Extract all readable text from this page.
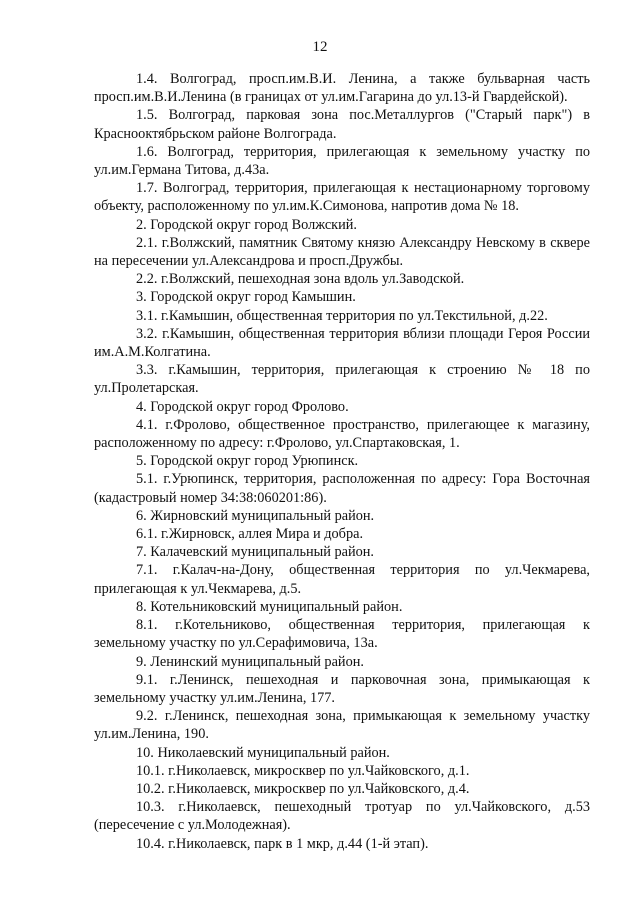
12

1.4. Волгоград, просп.им.В.И. Ленина, а также бульварная часть просп.им.В.И.Ленина (в границах от ул.им.Гагарина до ул.13-й Гвардейской).

1.5. Волгоград, парковая зона пос.Металлургов ("Старый парк") в Краснооктябрьском районе Волгограда.

1.6. Волгоград, территория, прилегающая к земельному участку по ул.им.Германа Титова, д.43а.

1.7. Волгоград, территория, прилегающая к нестационарному торговому объекту, расположенному по ул.им.К.Симонова, напротив дома № 18.

2. Городской округ город Волжский.

2.1. г.Волжский, памятник Святому князю Александру Невскому в сквере на пересечении ул.Александрова и просп.Дружбы.

2.2. г.Волжский, пешеходная зона вдоль ул.Заводской.

3. Городской округ город Камышин.

3.1. г.Камышин, общественная территория по ул.Текстильной, д.22.

3.2. г.Камышин, общественная территория вблизи площади Героя России им.А.М.Колгатина.

3.3. г.Камышин, территория, прилегающая к строению № 18 по ул.Пролетарская.

4. Городской округ город Фролово.

4.1. г.Фролово, общественное пространство, прилегающее к магазину, расположенному по адресу: г.Фролово, ул.Спартаковская, 1.

5. Городской округ город Урюпинск.

5.1. г.Урюпинск, территория, расположенная по адресу: Гора Восточная (кадастровый номер 34:38:060201:86).

6. Жирновский муниципальный район.

6.1. г.Жирновск, аллея Мира и добра.

7. Калачевский муниципальный район.

7.1. г.Калач-на-Дону, общественная территория по ул.Чекмарева, прилегающая к ул.Чекмарева, д.5.

8. Котельниковский муниципальный район.

8.1. г.Котельниково, общественная территория, прилегающая к земельному участку по ул.Серафимовича, 13а.

9. Ленинский муниципальный район.

9.1. г.Ленинск, пешеходная и парковочная зона, примыкающая к земельному участку ул.им.Ленина, 177.

9.2. г.Ленинск, пешеходная зона, примыкающая к земельному участку ул.им.Ленина, 190.

10. Николаевский муниципальный район.

10.1. г.Николаевск, микросквер по ул.Чайковского, д.1.

10.2. г.Николаевск, микросквер по ул.Чайковского, д.4.

10.3. г.Николаевск, пешеходный тротуар по ул.Чайковского, д.53 (пересечение с ул.Молодежная).

10.4. г.Николаевск, парк в 1 мкр, д.44 (1-й этап).
